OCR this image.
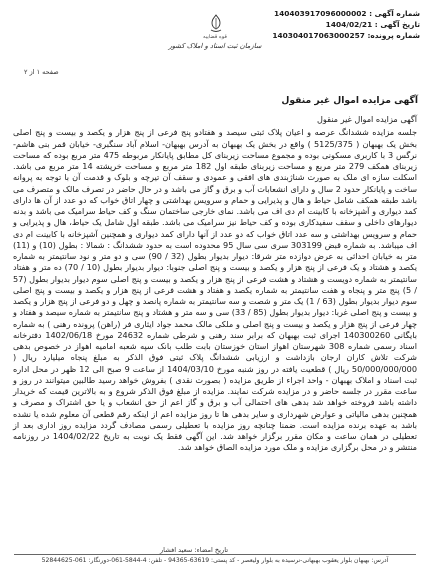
شماره آگهی : 140403917096000002
تاریخ آگهی : 1404/02/21
شماره پرونده: 140304017063000257
قوه قضاییه
سازمان ثبت اسناد و املاک کشور
صفحه ۱ از ۲
آگهی مزایده اموال غیر منقول

آگهی مزایده اموال غیر منقول

جلسه مزایده ششدانگ عرصه و اعیان پلاک ثبتی سیصد و هفتادو پنج فرعی از پنج هزار و یکصد و بیست و پنج اصلی بخش یک بهبهان ( 5125/375 ) واقع در بخش یک بهبهان به آدرس بهبهان- اسلام آباد سنگبری- خیابان قمر بنی هاشم- نرگس 3 با کاربری مسکونی بوده و مجموع مساحت زیربنای کل مطابق پایانکار مربوطه 475 متر مربع بوده که مساحت زیربنای همکف 279 متر مربع و مساحت زیربنای طبقه اول 182 متر مربع و مساحت خرپشته 14 متر مربع می باشد. اسکلت سازه ای ملک به صورت شناژبندی های افقی و عمودی و سقف آن تیرچه و بلوک و قدمت آن با توجه به پروانه ساخت و پایانکار حدود 2 سال و دارای انشعابات آب و برق و گاز می باشد و در حال حاضر در تصرف مالک و متصرف می باشد طبقه همکف شامل حیاط و هال و پذیرایی و حمام و سرویس بهداشتی و چهار اتاق خواب که دو عدد از آن ها دارای کمد دیواری و آشپزخانه با کابینت ام دی اف می باشد. نمای خارجی ساختمان سنگ و کف حیاط سرامیک می باشد و بدنه دیوارهای داخلی و سقف سفیدکاری بوده و کف حیاط نیز سرامیک می باشد. طبقه اول شامل یک حیاط، هال و پذیرایی و حمام و سرویس بهداشتی و سه عدد اتاق خواب که دو عدد از آنها دارای کمد دیواری و همچنین آشپزخانه با کابینت ام دی اف میباشد. به شماره قبض 303199 سری سی سال 95 محدوده است به حدود ششدانگ : شمالا : بطول (10) و (11) متر به خیابان احداثی به عرض دوازده متر شرقا: دیوار بدیوار بطول (32 / 90) سی و دو متر و نود سانتیمتر به شماره یکصد و هشتاد و یک فرعی از پنج هزار و یکصد و بیست و پنج اصلی جنوبا: دیوار بدیوار بطول (10 / 70) ده متر و هفتاد سانتیمتر به شماره دویست و هشتاد و هشت فرعی از پنج هزار و یکصد و بیست و پنج اصلی سوم دیوار بدیوار بطول (57 / 5) پنج متر و پنجاه و هفت سانتیمتر به شماره یکصد و هفتاد و هشت فرعی از پنج هزار و یکصد و بیست و پنج اصلی سوم دیوار بدیوار بطول (63 / 1) یک متر و شصت و سه سانتیمتر به شماره پانصد و چهل و دو فرعی از پنج هزار و یکصد و بیست و پنج اصلی غربا: دیوار بدیوار بطول (85 / 33) سی و سه متر و هشتاد و پنج سانتیمتر به شماره سیصد و هفتاد و چهار فرعی از پنج هزار و یکصد و بیست و پنج اصلی و ملکی مالک محمد جواد ایثاری فر (راهن) پرونده رهنی ) به شماره بایگانی 140300260 اجرای ثبت بهبهان که برابر سند رهنی و شرطی شماره 24632 مورخ 1402/06/18 دفترخانه اسناد رسمی شماره 308 شهرستان اهواز استان خوزستان بابت طلب بانک سپه شعبه امامیه اهواز در خصوص بدهی شرکت تلاش کاران ارجان بازداشت و ارزیابی ششدانگ پلاک ثبتی فوق الذکر به مبلغ پنجاه میلیارد ریال ( 50/000/000/000 ریال ) قطعیت یافته در روز شنبه مورخ 1404/03/10 از ساعت 9 صبح الی 12 ظهر در محل اداره ثبت اسناد و املاک بهبهان - واحد اجراء از طریق مزایده ( بصورت نقدی ) بفروش خواهد رسید طالبین میتوانند در روز و ساعت مقرر در جلسه حاضر و در مزایده شرکت نمایند. مزایده از مبلغ فوق الذکر شروع و به بالاترین قیمت که خریدار داشته باشد فروخته خواهد شد بدهی های احتمالی آب و برق و گاز اعم از حق انشعاب و یا حق اشتراک و مصرف و همچنین بدهی مالیاتی و عوارض شهرداری و سایر بدهی ها تا روز مزایده اعم از اینکه رقم قطعی آن معلوم شده یا نشده باشد به عهده برنده مزایده است. ضمنا چنانچه روز مزایده با تعطیلی رسمی مصادف گردد مزایده روز اداری بعد از تعطیلی در همان ساعت و مکان مقرر برگزار خواهد شد. این آگهی فقط یک نوبت به تاریخ 1404/02/22 در روزنامه منتشر و در محل برگزاری مزایده و ملک مورد مزایده الصاق خواهد شد.

تاریخ امضاء: سعید افشار
آدرس: بهبهان بلوار یعقوب بهبهانی-نرسیده به بلوار ولیعصر - کد پستی: 63619-94365 - تلفن: 4-5844-061-دورنگار: 061-52844625
